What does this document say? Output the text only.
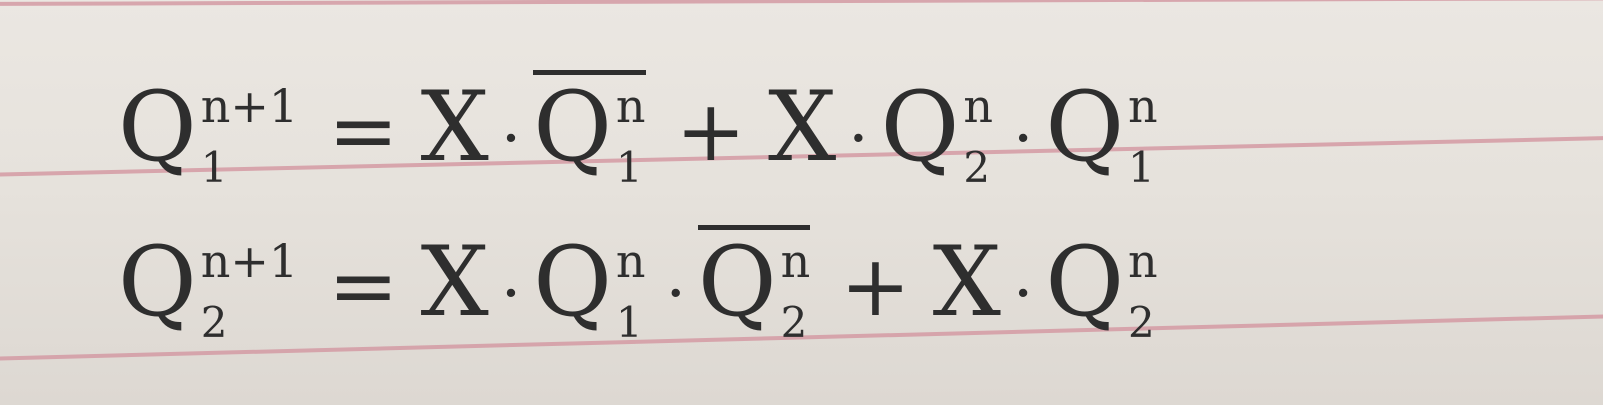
Q n+1
1	= X · Q n
1 + X · Q n
2 · Q n
1
Q n+1
2	= X · Q n
1 · Q n
2 + X · Q n
2
